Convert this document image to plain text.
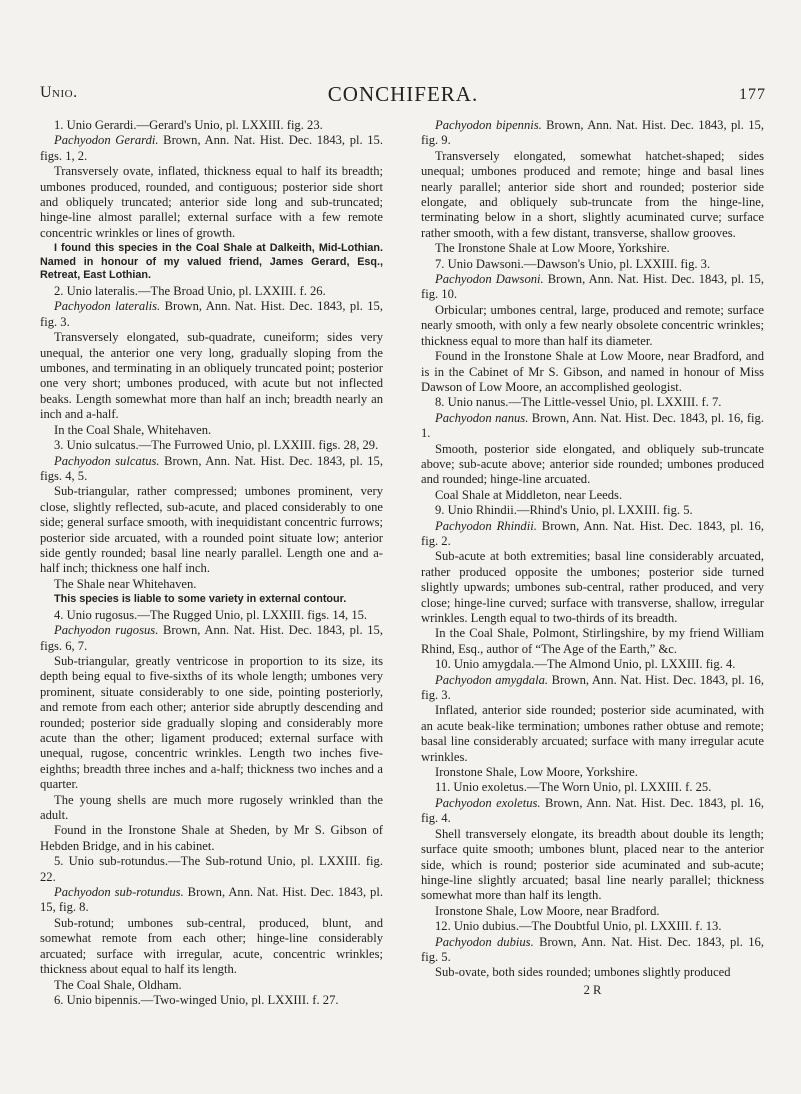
Unio.	CONCHIFERA.	177

1. Unio Gerardi.—Gerard's Unio, pl. LXXIII. fig. 23.

Pachyodon Gerardi. Brown, Ann. Nat. Hist. Dec. 1843, pl. 15. figs. 1, 2.

Transversely ovate, inflated, thickness equal to half its breadth; umbones produced, rounded, and contiguous; posterior side short and obliquely truncated; anterior side long and sub-truncated; hinge-line almost parallel; external surface with a few remote concentric wrinkles or lines of growth.

I found this species in the Coal Shale at Dalkeith, Mid-Lothian. Named in honour of my valued friend, James Gerard, Esq., Retreat, East Lothian.

2. Unio lateralis.—The Broad Unio, pl. LXXIII. f. 26.

Pachyodon lateralis. Brown, Ann. Nat. Hist. Dec. 1843, pl. 15, fig. 3.

Transversely elongated, sub-quadrate, cuneiform; sides very unequal, the anterior one very long, gradually sloping from the umbones, and terminating in an obliquely truncated point; posterior one very short; umbones produced, with acute but not inflected beaks. Length somewhat more than half an inch; breadth nearly an inch and a-half.

In the Coal Shale, Whitehaven.

3. Unio sulcatus.—The Furrowed Unio, pl. LXXIII. figs. 28, 29.

Pachyodon sulcatus. Brown, Ann. Nat. Hist. Dec. 1843, pl. 15, figs. 4, 5.

Sub-triangular, rather compressed; umbones prominent, very close, slightly reflected, sub-acute, and placed considerably to one side; general surface smooth, with inequidistant concentric furrows; posterior side arcuated, with a rounded point situate low; anterior side gently rounded; basal line nearly parallel. Length one and a-half inch; thickness one half inch.

The Shale near Whitehaven.

This species is liable to some variety in external contour.

4. Unio rugosus.—The Rugged Unio, pl. LXXIII. figs. 14, 15.

Pachyodon rugosus. Brown, Ann. Nat. Hist. Dec. 1843, pl. 15, figs. 6, 7.

Sub-triangular, greatly ventricose in proportion to its size, its depth being equal to five-sixths of its whole length; umbones very prominent, situate considerably to one side, pointing posteriorly, and remote from each other; anterior side abruptly descending and rounded; posterior side gradually sloping and considerably more acute than the other; ligament produced; external surface with unequal, rugose, concentric wrinkles. Length two inches five-eighths; breadth three inches and a-half; thickness two inches and a quarter.

The young shells are much more rugosely wrinkled than the adult.

Found in the Ironstone Shale at Sheden, by Mr S. Gibson of Hebden Bridge, and in his cabinet.

5. Unio sub-rotundus.—The Sub-rotund Unio, pl. LXXIII. fig. 22.

Pachyodon sub-rotundus. Brown, Ann. Nat. Hist. Dec. 1843, pl. 15, fig. 8.

Sub-rotund; umbones sub-central, produced, blunt, and somewhat remote from each other; hinge-line considerably arcuated; surface with irregular, acute, concentric wrinkles; thickness about equal to half its length.

The Coal Shale, Oldham.

6. Unio bipennis.—Two-winged Unio, pl. LXXIII. f. 27.

Pachyodon bipennis. Brown, Ann. Nat. Hist. Dec. 1843, pl. 15, fig. 9.

Transversely elongated, somewhat hatchet-shaped; sides unequal; umbones produced and remote; hinge and basal lines nearly parallel; anterior side short and rounded; posterior side elongate, and obliquely sub-truncate from the hinge-line, terminating below in a short, slightly acuminated curve; surface rather smooth, with a few distant, transverse, shallow grooves.

The Ironstone Shale at Low Moore, Yorkshire.

7. Unio Dawsoni.—Dawson's Unio, pl. LXXIII. fig. 3.

Pachyodon Dawsoni. Brown, Ann. Nat. Hist. Dec. 1843, pl. 15, fig. 10.

Orbicular; umbones central, large, produced and remote; surface nearly smooth, with only a few nearly obsolete concentric wrinkles; thickness equal to more than half its diameter.

Found in the Ironstone Shale at Low Moore, near Bradford, and is in the Cabinet of Mr S. Gibson, and named in honour of Miss Dawson of Low Moore, an accomplished geologist.

8. Unio nanus.—The Little-vessel Unio, pl. LXXIII. f. 7.

Pachyodon nanus. Brown, Ann. Nat. Hist. Dec. 1843, pl. 16, fig. 1.

Smooth, posterior side elongated, and obliquely sub-truncate above; sub-acute above; anterior side rounded; umbones produced and rounded; hinge-line arcuated.

Coal Shale at Middleton, near Leeds.

9. Unio Rhindii.—Rhind's Unio, pl. LXXIII. fig. 5.

Pachyodon Rhindii. Brown, Ann. Nat. Hist. Dec. 1843, pl. 16, fig. 2.

Sub-acute at both extremities; basal line considerably arcuated, rather produced opposite the umbones; posterior side turned slightly upwards; umbones sub-central, rather produced, and very close; hinge-line curved; surface with transverse, shallow, irregular wrinkles. Length equal to two-thirds of its breadth.

In the Coal Shale, Polmont, Stirlingshire, by my friend William Rhind, Esq., author of “The Age of the Earth,” &c.

10. Unio amygdala.—The Almond Unio, pl. LXXIII. fig. 4.

Pachyodon amygdala. Brown, Ann. Nat. Hist. Dec. 1843, pl. 16, fig. 3.

Inflated, anterior side rounded; posterior side acuminated, with an acute beak-like termination; umbones rather obtuse and remote; basal line considerably arcuated; surface with many irregular acute wrinkles.

Ironstone Shale, Low Moore, Yorkshire.

11. Unio exoletus.—The Worn Unio, pl. LXXIII. f. 25.

Pachyodon exoletus. Brown, Ann. Nat. Hist. Dec. 1843, pl. 16, fig. 4.

Shell transversely elongate, its breadth about double its length; surface quite smooth; umbones blunt, placed near to the anterior side, which is round; posterior side acuminated and sub-acute; hinge-line slightly arcuated; basal line nearly parallel; thickness somewhat more than half its length.

Ironstone Shale, Low Moore, near Bradford.

12. Unio dubius.—The Doubtful Unio, pl. LXXIII. f. 13.

Pachyodon dubius. Brown, Ann. Nat. Hist. Dec. 1843, pl. 16, fig. 5.

Sub-ovate, both sides rounded; umbones slightly produced

2 R
